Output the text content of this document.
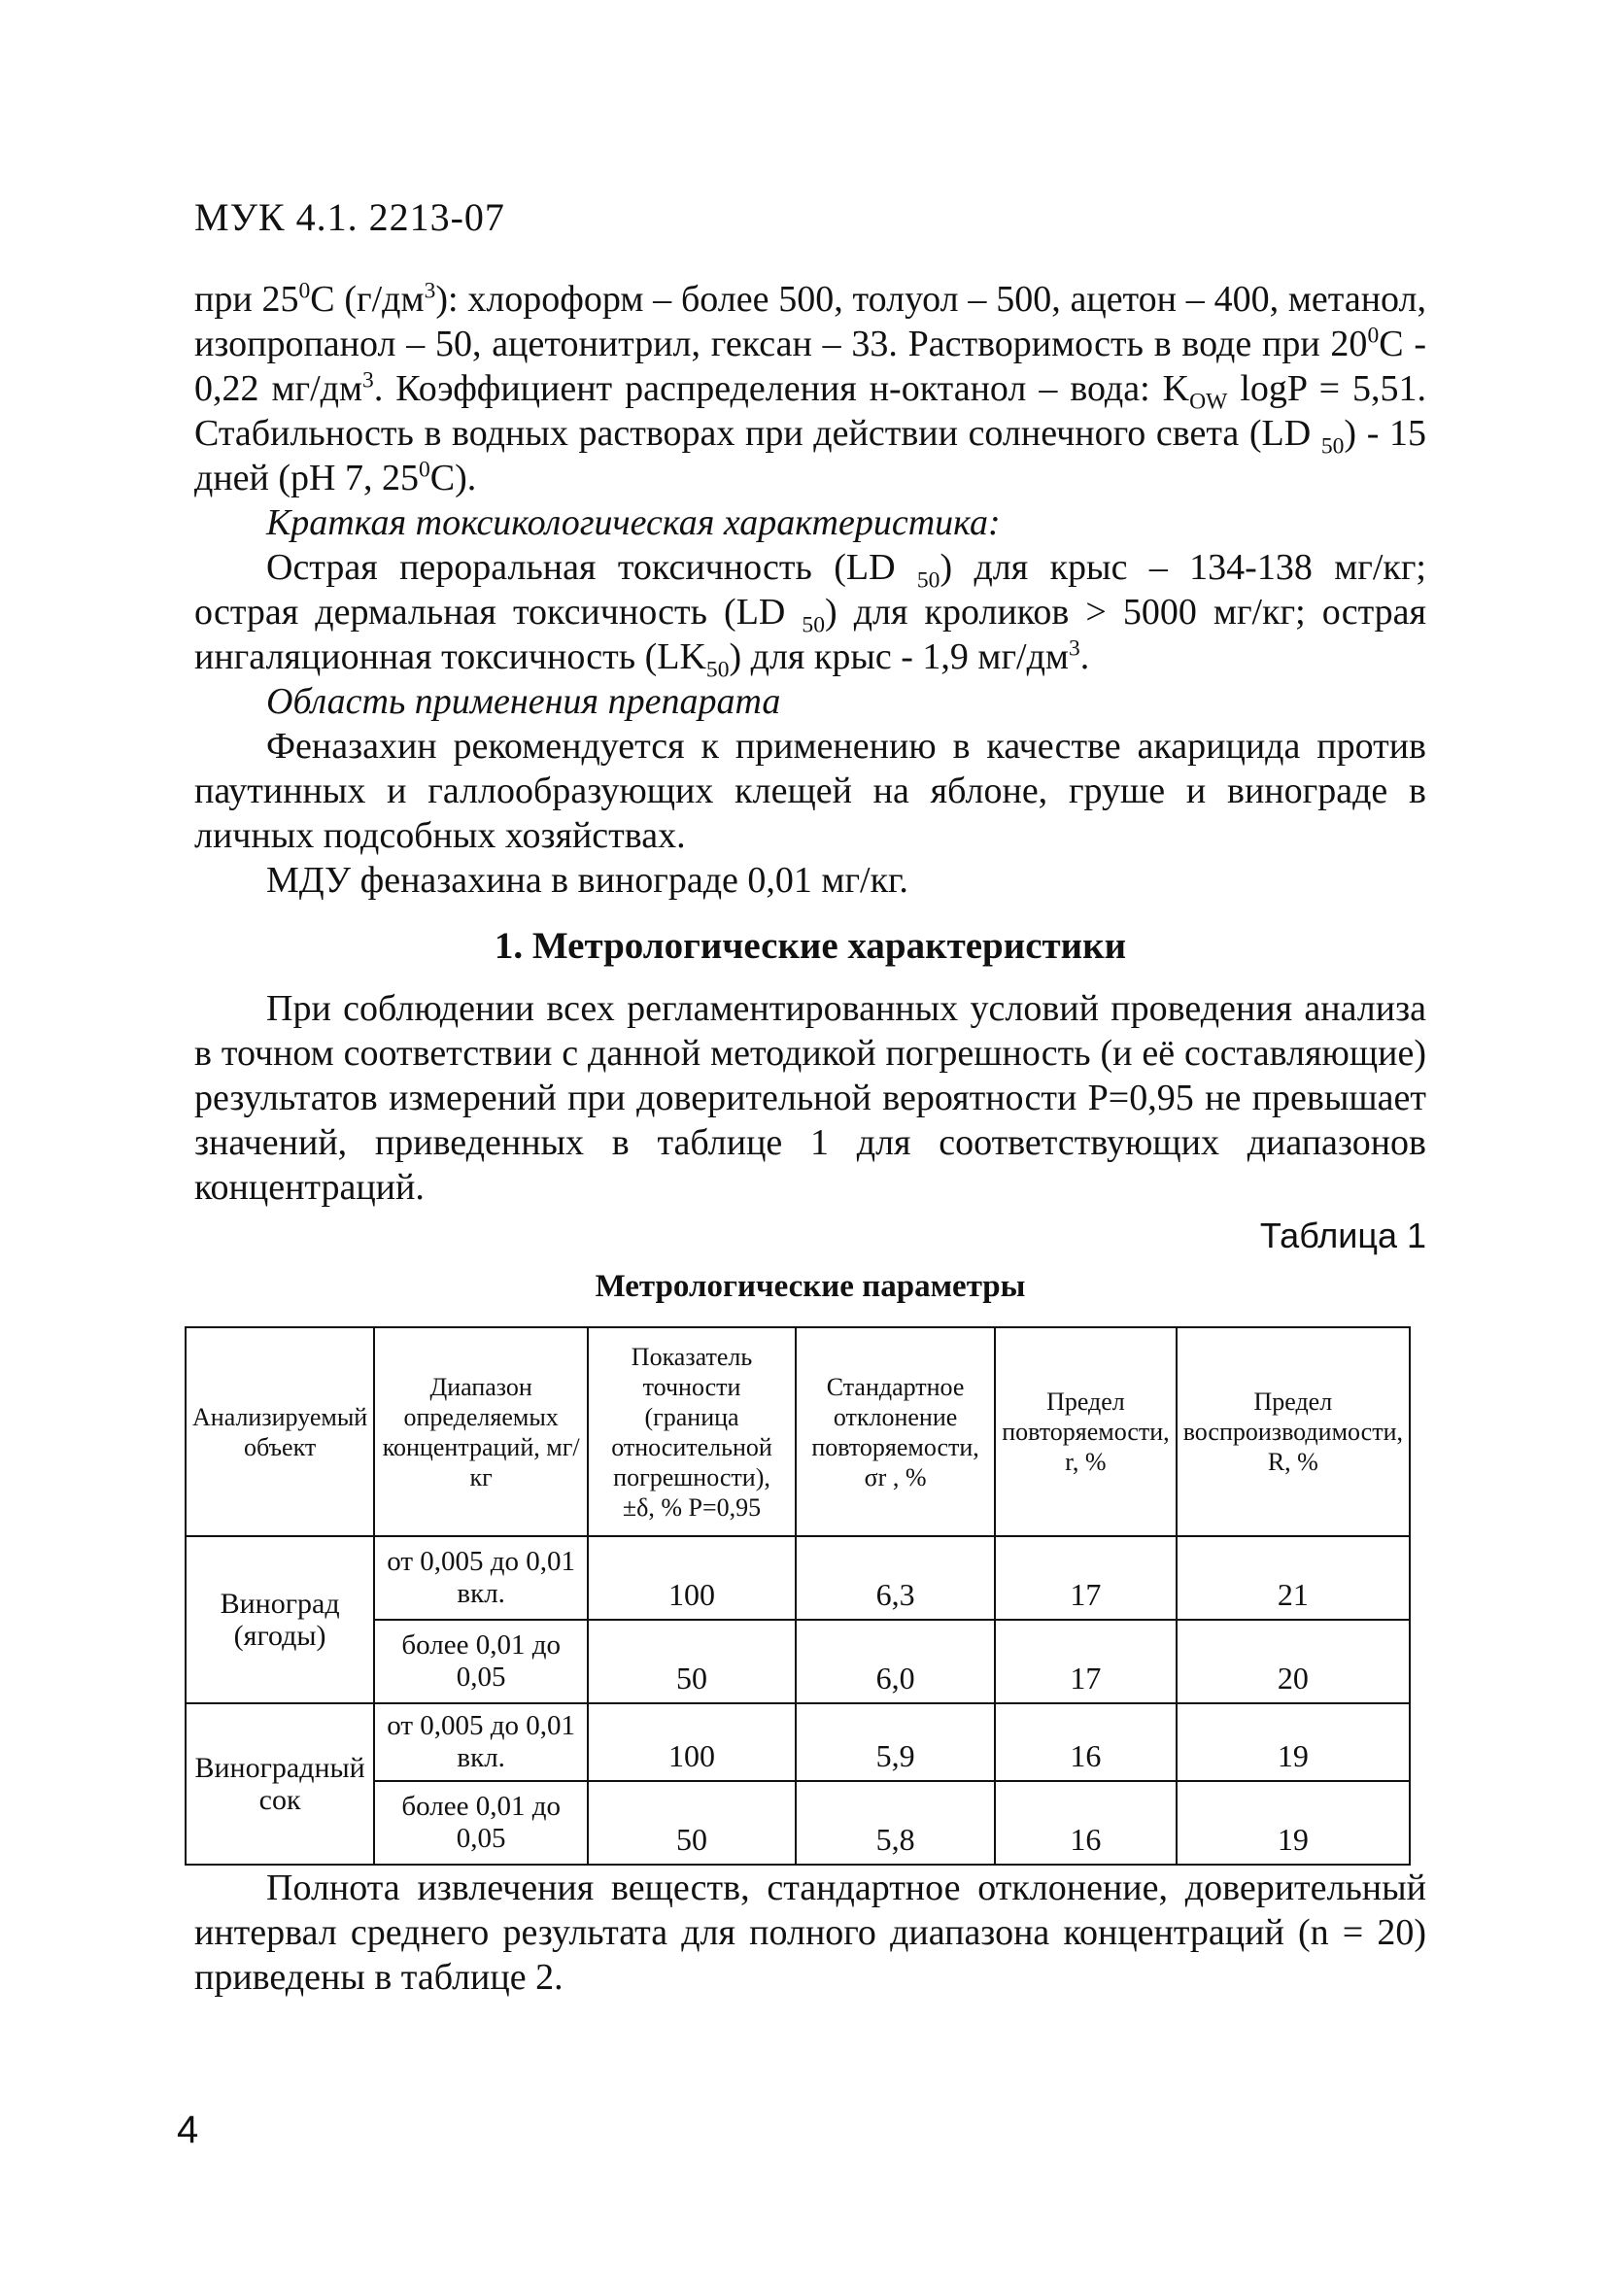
МУК 4.1. 2213-07

при $25^0С$ $(г/дм^3)$: хлороформ – более 500, толуол – 500, ацетон – 400, метанол, изопропанол – 50, ацетонитрил, гексан – 33. Растворимость в воде при $20^0С - 0,22$ $мг/дм^3$. Коэффициент распределения н-октанол – вода: $K_{OW}$ logP = 5,51. Стабильность в водных растворах при действии солнечного света (LD $_{50}$) - 15 дней (pH 7, $25^0C$).

Краткая токсикологическая характеристика:

Острая пероральная токсичность (LD $_{50}$) для крыс – 134-138 мг/кг; острая дермальная токсичность (LD $_{50}$) для кроликов > 5000 мг/кг; острая ингаляционная токсичность $(LK_{50})$ для крыс - 1,9 $мг/дм^3$.

Область применения препарата

Феназахин рекомендуется к применению в качестве акарицида против паутинных и галлообразующих клещей на яблоне, груше и винограде в личных подсобных хозяйствах.

МДУ феназахина в винограде 0,01 мг/кг.

1. Метрологические характеристики

При соблюдении всех регламентированных условий проведения анализа в точном соответствии с данной методикой погрешность (и её составляющие) результатов измерений при доверительной вероятности Р=0,95 не превышает значений, приведенных в таблице 1 для соответствующих диапазонов концентраций.

Таблица 1
Метрологические параметры
Анализируемый объект	Диапазон определяемых концентраций, мг/кг	Показатель точности (граница относительной погрешности), ±δ, % Р=0,95	Стандартное отклонение повторяемости, σr , %	Предел повторяемости, r, %	Предел воспроизводимости, R, %
Виноград (ягоды)	от 0,005 до 0,01 вкл.	100	6,3	17	21
	более 0,01 до 0,05	50	6,0	17	20
Виноградный сок	от 0,005 до 0,01 вкл.	100	5,9	16	19
	более 0,01 до 0,05	50	5,8	16	19

Полнота извлечения веществ, стандартное отклонение, доверительный интервал среднего результата для полного диапазона концентраций (n = 20) приведены в таблице 2.

4
